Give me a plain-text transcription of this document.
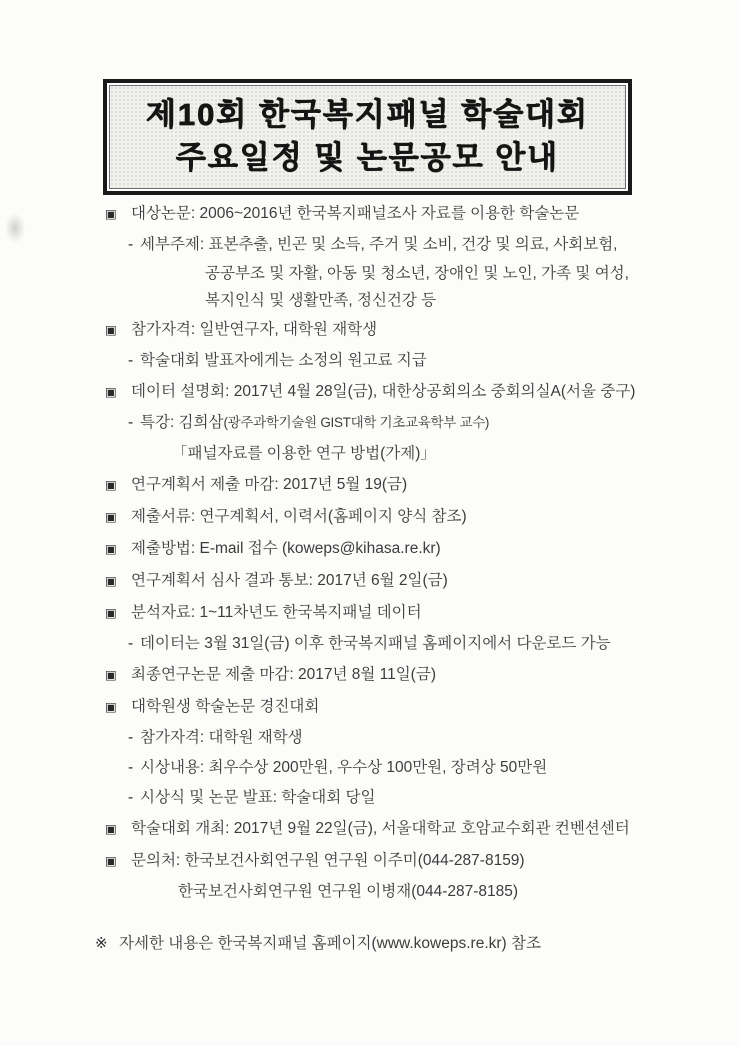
제10회 한국복지패널 학술대회
주요일정 및 논문공모 안내
▣ 대상논문: 2006~2016년 한국복지패널조사 자료를 이용한 학술논문
- 세부주제: 표본추출, 빈곤 및 소득, 주거 및 소비, 건강 및 의료, 사회보험,
공공부조 및 자활, 아동 및 청소년, 장애인 및 노인, 가족 및 여성,
복지인식 및 생활만족, 정신건강 등
▣ 참가자격: 일반연구자, 대학원 재학생
- 학술대회 발표자에게는 소정의 원고료 지급
▣ 데이터 설명회: 2017년 4월 28일(금), 대한상공회의소 중회의실A(서울 중구)
- 특강: 김희삼(광주과학기술원 GIST대학 기초교육학부 교수)
「패널자료를 이용한 연구 방법(가제)」
▣ 연구계획서 제출 마감: 2017년 5월 19(금)
▣ 제출서류: 연구계획서, 이력서(홈페이지 양식 참조)
▣ 제출방법: E-mail 접수 (koweps@kihasa.re.kr)
▣ 연구계획서 심사 결과 통보: 2017년 6월 2일(금)
▣ 분석자료: 1~11차년도 한국복지패널 데이터
- 데이터는 3월 31일(금) 이후 한국복지패널 홈페이지에서 다운로드 가능
▣ 최종연구논문 제출 마감: 2017년 8월 11일(금)
▣ 대학원생 학술논문 경진대회
- 참가자격: 대학원 재학생
- 시상내용: 최우수상 200만원, 우수상 100만원, 장려상 50만원
- 시상식 및 논문 발표: 학술대회 당일
▣ 학술대회 개최: 2017년 9월 22일(금), 서울대학교 호암교수회관 컨벤션센터
▣ 문의처: 한국보건사회연구원 연구원 이주미(044-287-8159)
한국보건사회연구원 연구원 이병재(044-287-8185)
※ 자세한 내용은 한국복지패널 홈페이지(www.koweps.re.kr) 참조
